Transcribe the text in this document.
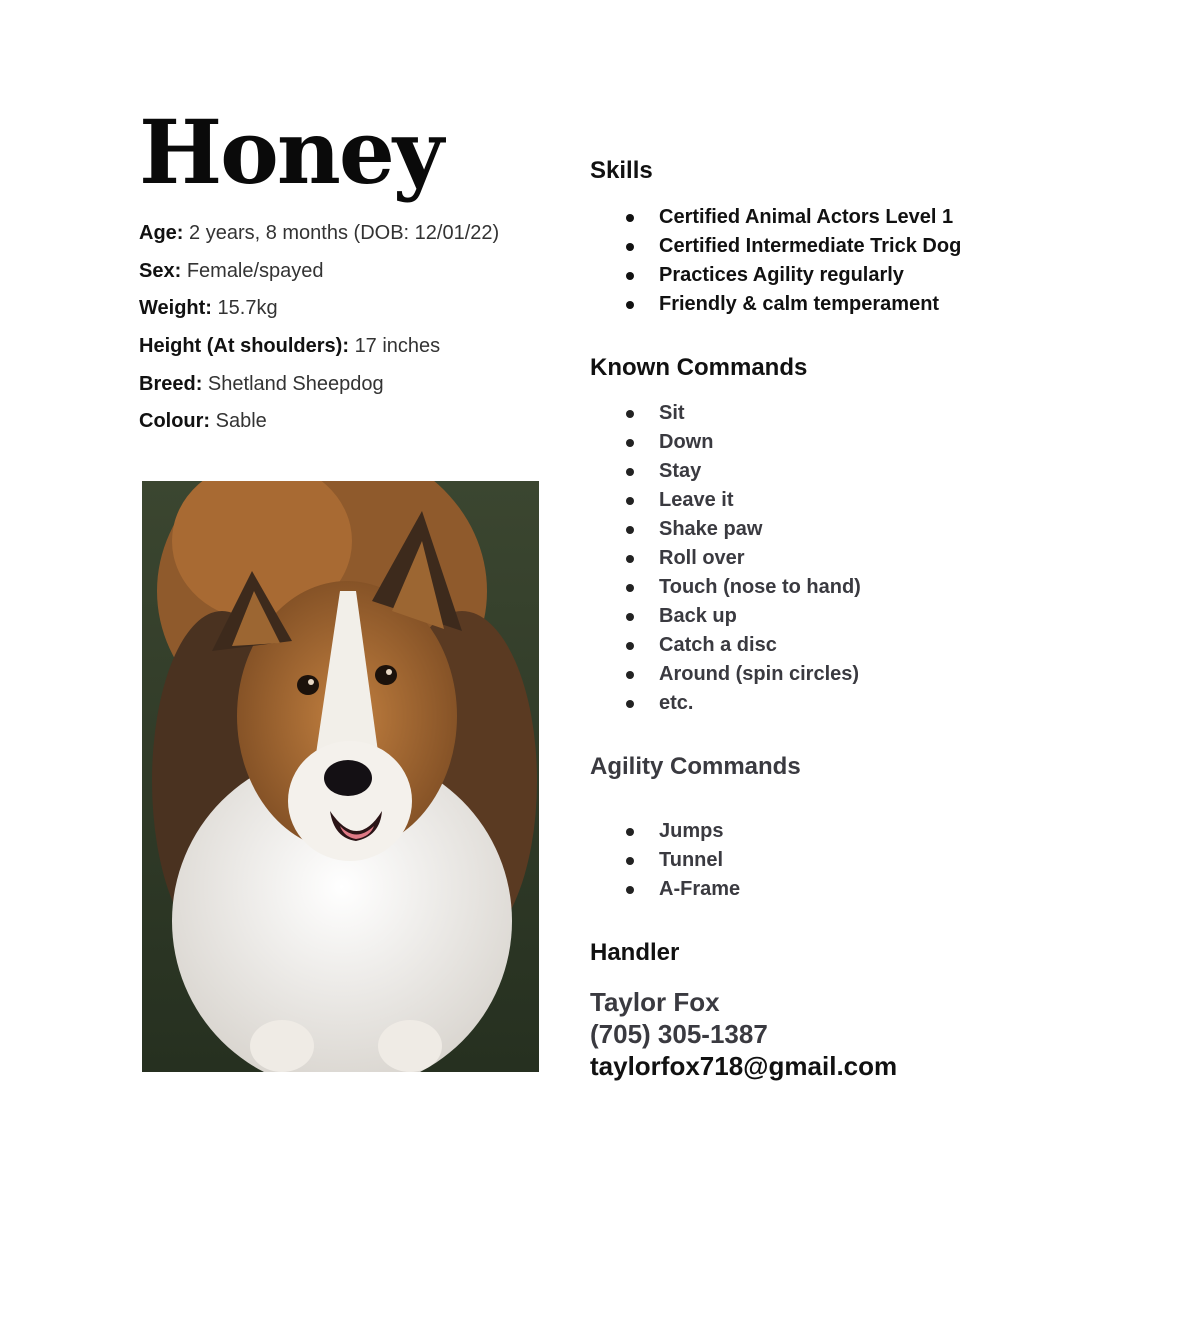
Honey
Age: 2 years, 8 months (DOB: 12/01/22)
Sex: Female/spayed
Weight: 15.7kg
Height (At shoulders): 17 inches
Breed: Shetland Sheepdog
Colour: Sable
Skills
Certified Animal Actors Level 1
Certified Intermediate Trick Dog
Practices Agility regularly
Friendly & calm temperament
Known Commands
Sit
Down
Stay
Leave it
Shake paw
Roll over
Touch (nose to hand)
Back up
Catch a disc
Around (spin circles)
etc.
Agility Commands
Jumps
Tunnel
A-Frame
Handler
Taylor Fox
(705) 305-1387
taylorfox718@gmail.com
